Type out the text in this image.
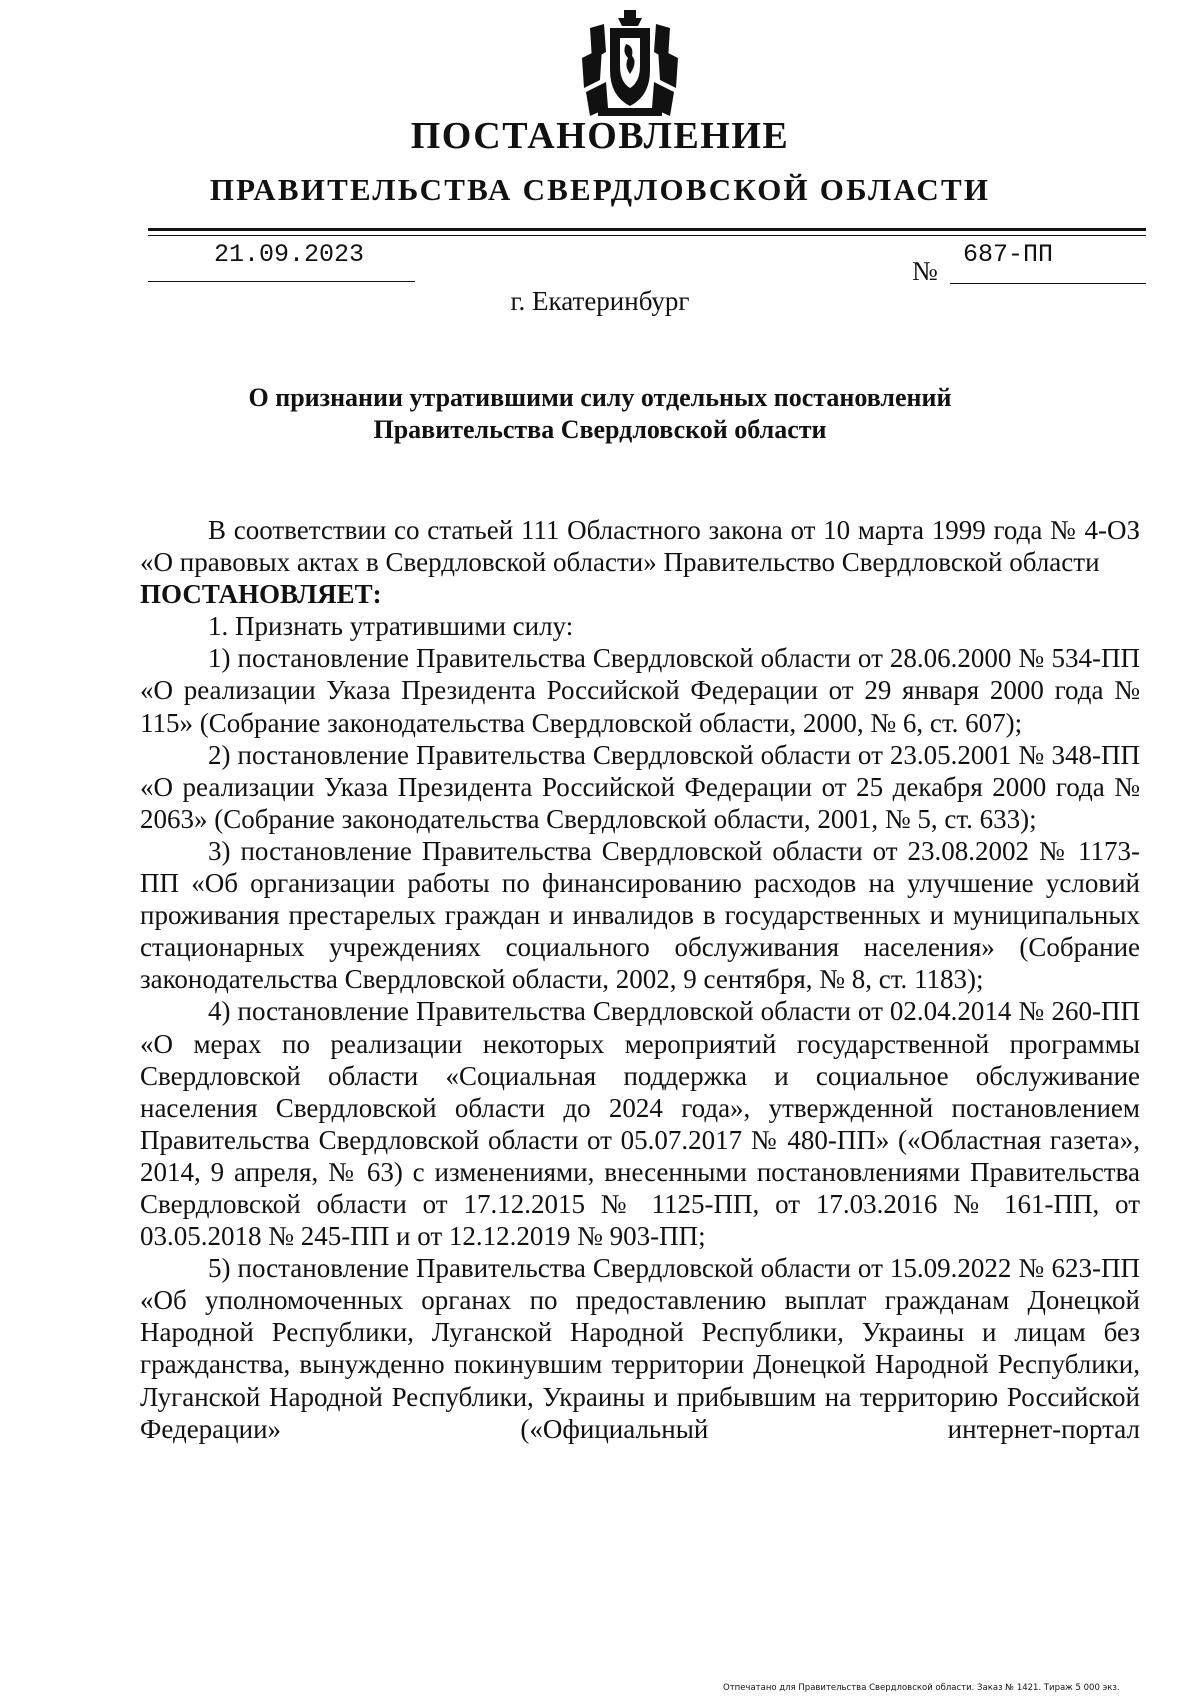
ПОСТАНОВЛЕНИЕ
ПРАВИТЕЛЬСТВА СВЕРДЛОВСКОЙ ОБЛАСТИ
21.09.2023
№
687-ПП
г. Екатеринбург
О признании утратившими силу отдельных постановлений
Правительства Свердловской области

В соответствии со статьей 111 Областного закона от 10 марта 1999 года № 4-ОЗ «О правовых актах в Свердловской области» Правительство Свердловской области

ПОСТАНОВЛЯЕТ:

1. Признать утратившими силу:

1) постановление Правительства Свердловской области от 28.06.2000 № 534-ПП «О реализации Указа Президента Российской Федерации от 29 января 2000 года № 115» (Собрание законодательства Свердловской области, 2000, № 6, ст. 607);

2) постановление Правительства Свердловской области от 23.05.2001 № 348-ПП «О реализации Указа Президента Российской Федерации от 25 декабря 2000 года № 2063» (Собрание законодательства Свердловской области, 2001, № 5, ст. 633);

3) постановление Правительства Свердловской области от 23.08.2002 № 1173-ПП «Об организации работы по финансированию расходов на улучшение условий проживания престарелых граждан и инвалидов в государственных и муниципальных стационарных учреждениях социального обслуживания населения» (Собрание законодательства Свердловской области, 2002, 9 сентября, № 8, ст. 1183);

4) постановление Правительства Свердловской области от 02.04.2014 № 260-ПП «О мерах по реализации некоторых мероприятий государственной программы Свердловской области «Социальная поддержка и социальное обслуживание населения Свердловской области до 2024 года», утвержденной постановлением Правительства Свердловской области от 05.07.2017 № 480-ПП» («Областная газета», 2014, 9 апреля, № 63) с изменениями, внесенными постановлениями Правительства Свердловской области от 17.12.2015 № 1125-ПП, от 17.03.2016 № 161-ПП, от 03.05.2018 № 245-ПП и от 12.12.2019 № 903-ПП;

5) постановление Правительства Свердловской области от 15.09.2022 № 623-ПП «Об уполномоченных органах по предоставлению выплат гражданам Донецкой Народной Республики, Луганской Народной Республики, Украины и лицам без гражданства, вынужденно покинувшим территории Донецкой Народной Республики, Луганской Народной Республики, Украины и прибывшим на территорию Российской Федерации» («Официальный интернет-портал

Отпечатано для Правительства Свердловской области. Заказ № 1421. Тираж 5 000 экз.
